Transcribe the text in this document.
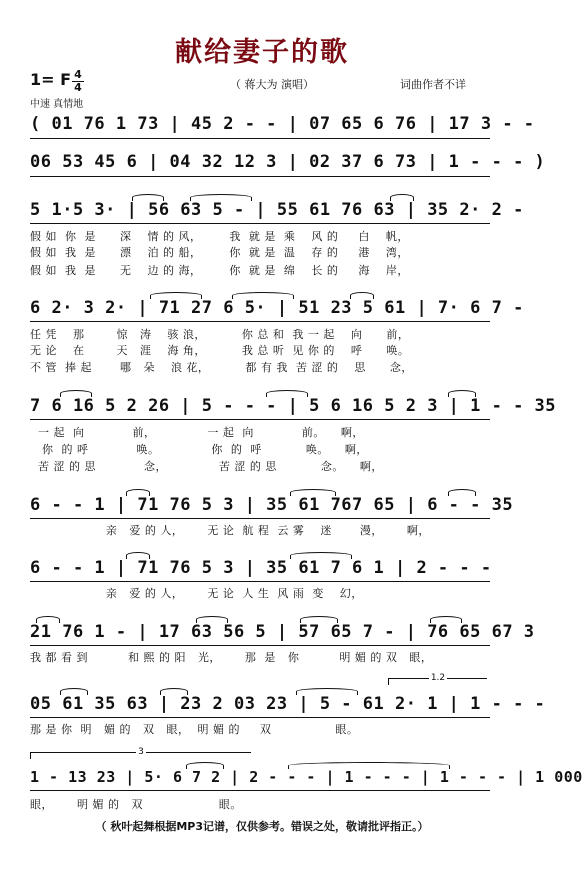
献给妻子的歌
1= F 4
4	（ 蒋大为 演唱）	词曲作者不详
中速 真情地
( 01 76 1 73 | 45 2 - - | 07 65 6 76 | 17 3 - -
06 53 45 6 | 04 32 12 3 | 02 37 6 73 | 1 - - - )
5 1·5 3· | 56 63 5 - | 55 61 76 63 | 35 2· 2 -
假 如  你  是      深    情 的 风，       我  就 是  乘    风 的     白    帆，
假 如  我  是      漂    泊 的 船，       你  就 是  温    存 的     港    湾，
假 如  我  是      无    边 的 海，       你  就 是  绵    长 的     海    岸，
6 2· 3 2· | 71 27 6 5· | 51 23 5 61 | 7· 6 7 -
任 凭    那        惊   涛    骇 浪，         你 总 和  我 一 起    向      前，
无 论    在        天   涯    海 角，         我 总 听  见 你 的    呼      唤。
不 管  捧 起       哪   朵    浪 花，         都 有 我  苦 涩 的    思      念，
7 6 16 5 2 26 | 5 - - - | 5 6 16 5 2 3 | 1 - - 35
一 起  向            前，             一 起  向            前。    啊，
你  的 呼            唤。             你  的  呼           唤。    啊，
苦 涩 的 思            念，             苦 涩 的 思           念。    啊，
6 - - 1 | 71 76 5 3 | 35 61 767 65 | 6 - - 35
亲   爱 的 人，      无 论  航 程  云 雾    迷       漫，      啊，
6 - - 1 | 71 76 5 3 | 35 61 7 6 1 | 2 - - -
亲   爱 的 人，      无 论  人 生  风 雨  变    幻，
21 76 1 - | 17 63 56 5 | 57 65 7 - | 76 65 67 3
我 都 看 到          和 熙 的 阳   光，      那  是   你          明 媚 的 双   眼，
1.2
05 61 35 63 | 23 2 03 23 | 5 - 61 2· 1 | 1 - - -
那 是 你  明   媚 的   双   眼，  明 媚 的     双                眼。
3
1 - 13 23 | 5· 6 7 2 | 2 - - - | 1 - - - | 1 - - - | 1 000
眼，      明 媚 的   双                   眼。
（ 秋叶起舞根据MP3记谱，仅供参考。错误之处，敬请批评指正。）
